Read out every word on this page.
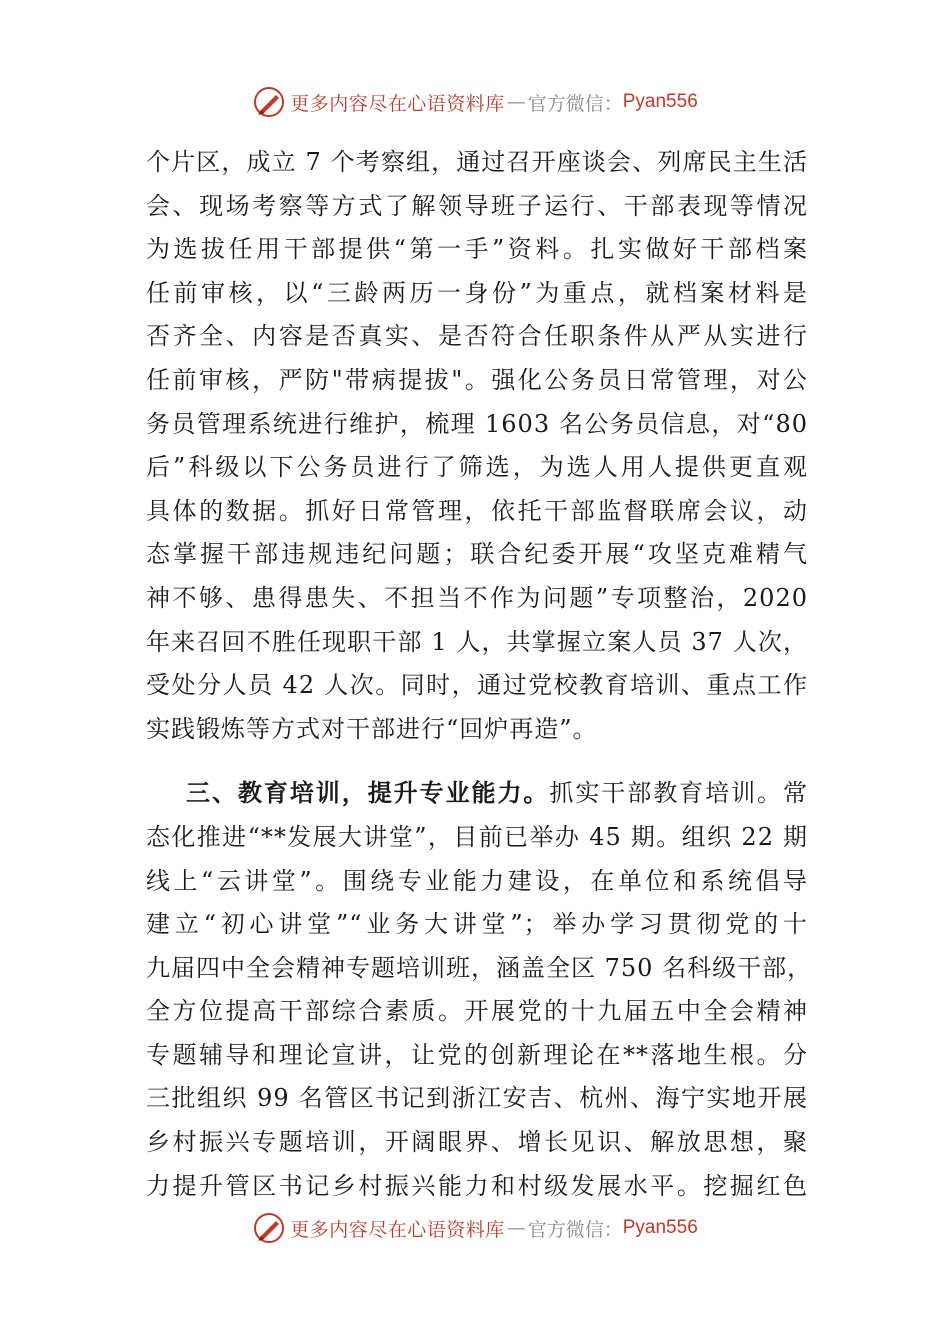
更多内容尽在心语资料库 — 官方微信： Pyan556
个片区，成立 7 个考察组，通过召开座谈会、列席民主生活
会、现场考察等方式了解领导班子运行、干部表现等情况
为选拔任用干部提供“第一手”资料。扎实做好干部档案
任前审核，以“三龄两历一身份”为重点，就档案材料是
否齐全、内容是否真实、是否符合任职条件从严从实进行
任前审核，严防"带病提拔"。强化公务员日常管理，对公
务员管理系统进行维护，梳理 1603 名公务员信息，对“80
后”科级以下公务员进行了筛选，为选人用人提供更直观
具体的数据。抓好日常管理，依托干部监督联席会议，动
态掌握干部违规违纪问题；联合纪委开展“攻坚克难精气
神不够、患得患失、不担当不作为问题”专项整治，2020
年来召回不胜任现职干部 1 人，共掌握立案人员 37 人次，
受处分人员 42 人次。同时，通过党校教育培训、重点工作
实践锻炼等方式对干部进行“回炉再造”。
三、教育培训，提升专业能力。抓实干部教育培训。常
态化推进“**发展大讲堂”，目前已举办 45 期。组织 22 期
线上“云讲堂”。围绕专业能力建设，在单位和系统倡导
建立“初心讲堂”“业务大讲堂”；举办学习贯彻党的十
九届四中全会精神专题培训班，涵盖全区 750 名科级干部，
全方位提高干部综合素质。开展党的十九届五中全会精神
专题辅导和理论宣讲，让党的创新理论在**落地生根。分
三批组织 99 名管区书记到浙江安吉、杭州、海宁实地开展
乡村振兴专题培训，开阔眼界、增长见识、解放思想，聚
力提升管区书记乡村振兴能力和村级发展水平。挖掘红色
更多内容尽在心语资料库 — 官方微信： Pyan556
